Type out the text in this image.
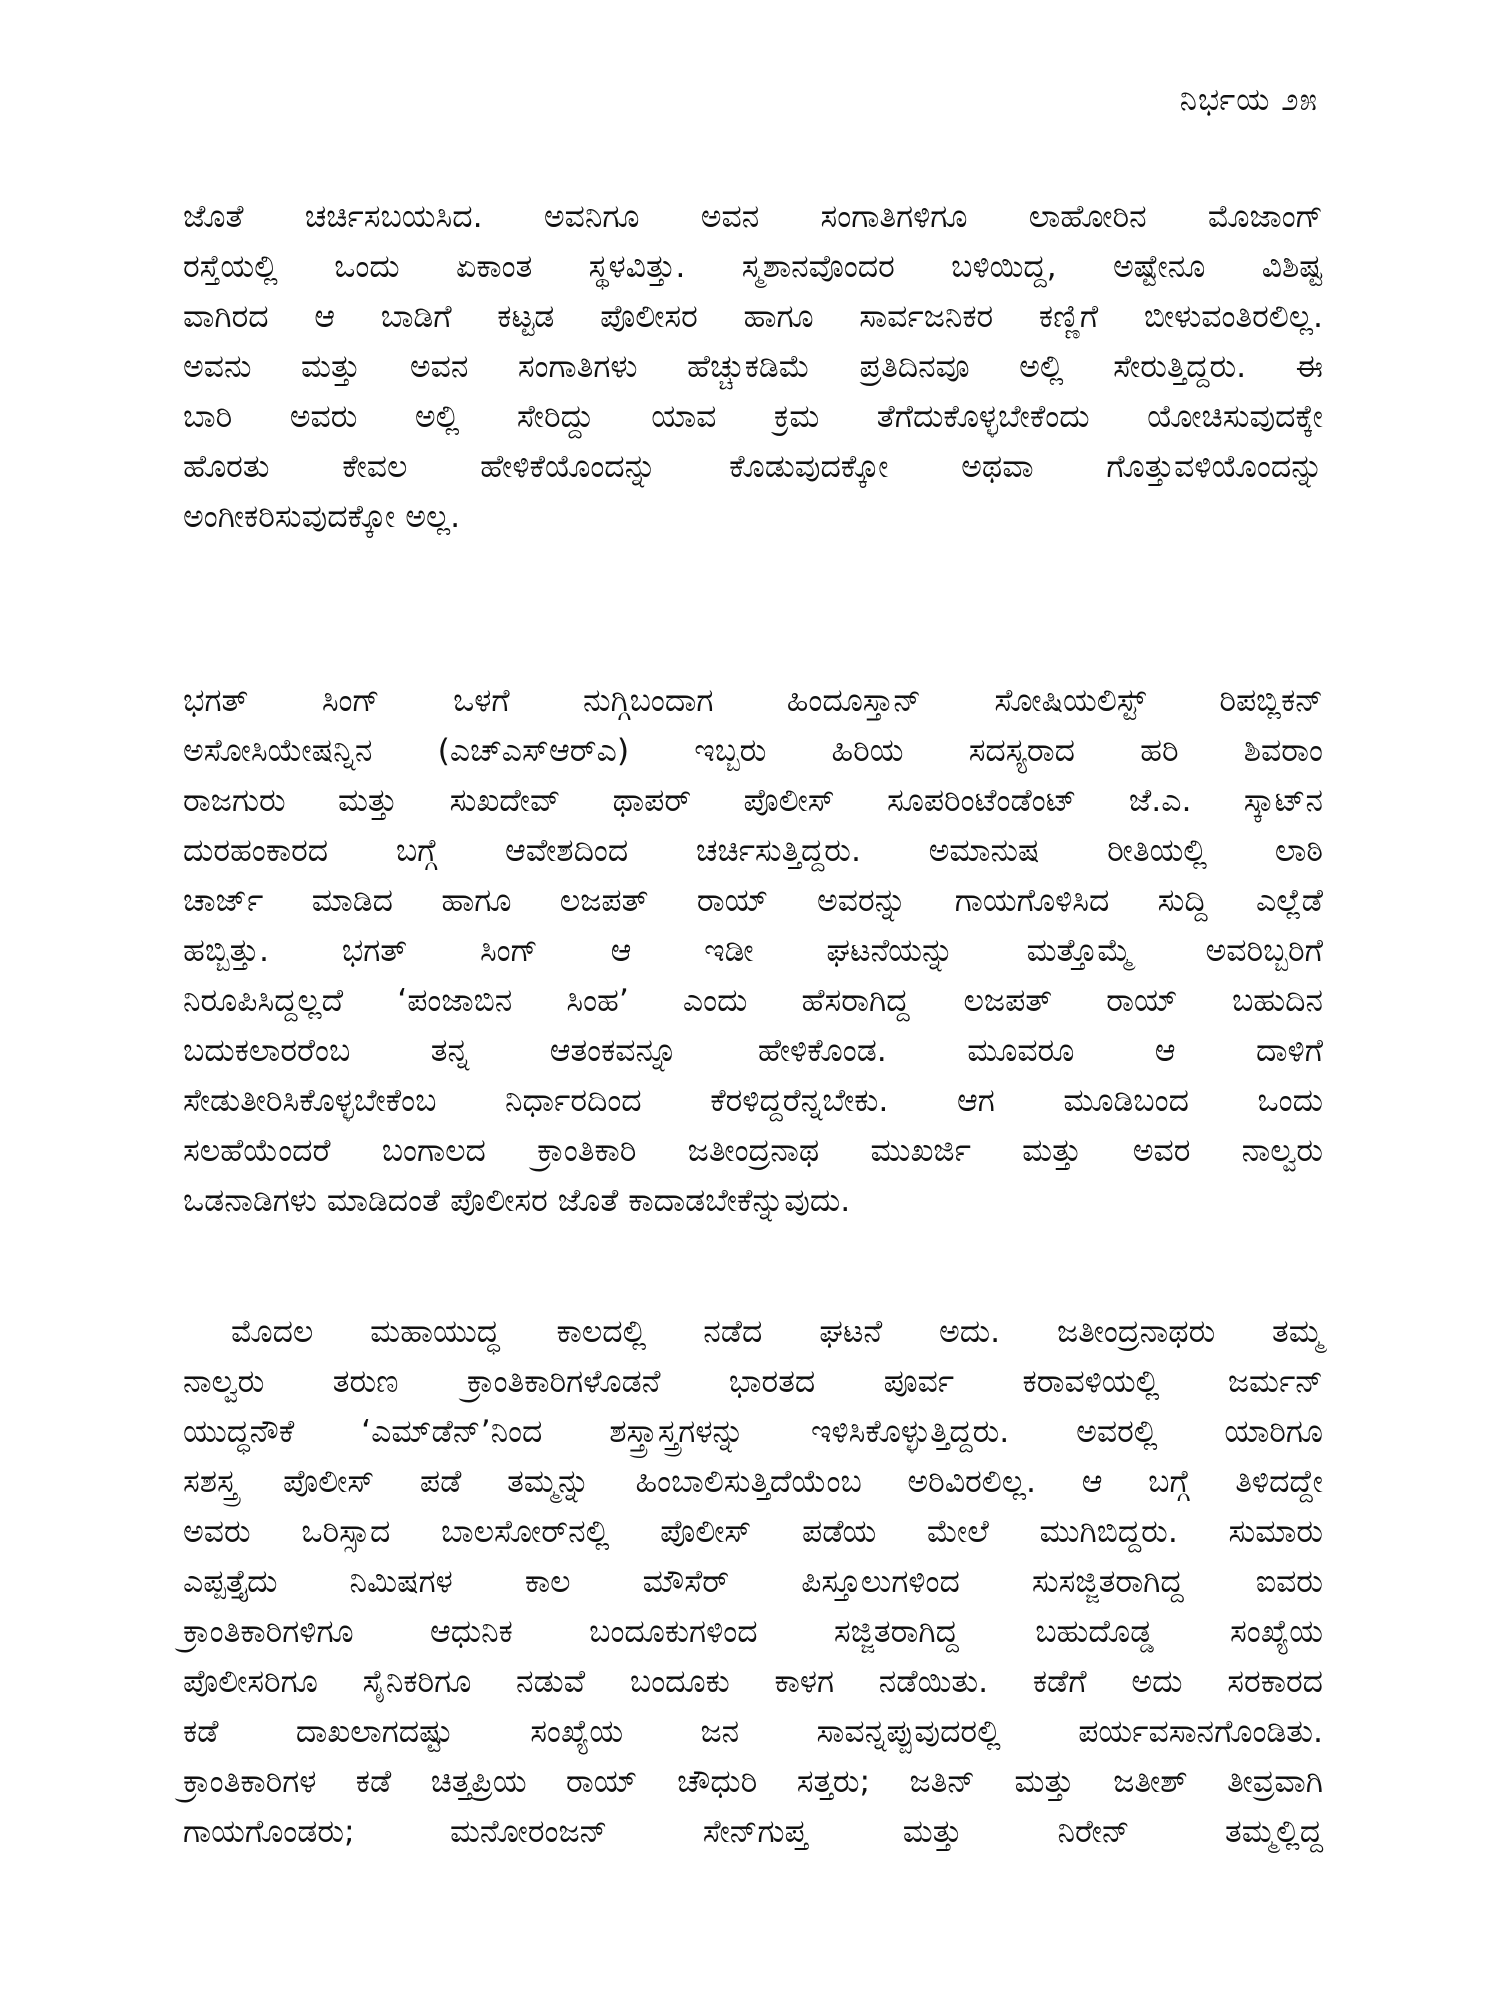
ನಿರ್ಭಯ ೨೫
ಜೊತೆ ಚರ್ಚಿಸಬಯಸಿದ. ಅವನಿಗೂ ಅವನ ಸಂಗಾತಿಗಳಿಗೂ ಲಾಹೋರಿನ ಮೊಜಾಂಗ್
ರಸ್ತೆಯಲ್ಲಿ ಒಂದು ಏಕಾಂತ ಸ್ಥಳವಿತ್ತು. ಸ್ಮಶಾನವೊಂದರ ಬಳಿಯಿದ್ದ, ಅಷ್ಟೇನೂ ವಿಶಿಷ್ಟ
ವಾಗಿರದ ಆ ಬಾಡಿಗೆ ಕಟ್ಟಡ ಪೊಲೀಸರ ಹಾಗೂ ಸಾರ್ವಜನಿಕರ ಕಣ್ಣಿಗೆ ಬೀಳುವಂತಿರಲಿಲ್ಲ.
ಅವನು ಮತ್ತು ಅವನ ಸಂಗಾತಿಗಳು ಹೆಚ್ಚುಕಡಿಮೆ ಪ್ರತಿದಿನವೂ ಅಲ್ಲಿ ಸೇರುತ್ತಿದ್ದರು. ಈ
ಬಾರಿ ಅವರು ಅಲ್ಲಿ ಸೇರಿದ್ದು ಯಾವ ಕ್ರಮ ತೆಗೆದುಕೊಳ್ಳಬೇಕೆಂದು ಯೋಚಿಸುವುದಕ್ಕೇ
ಹೊರತು ಕೇವಲ ಹೇಳಿಕೆಯೊಂದನ್ನು ಕೊಡುವುದಕ್ಕೋ ಅಥವಾ ಗೊತ್ತುವಳಿಯೊಂದನ್ನು
ಅಂಗೀಕರಿಸುವುದಕ್ಕೋ ಅಲ್ಲ.
ಭಗತ್ ಸಿಂಗ್ ಒಳಗೆ ನುಗ್ಗಿಬಂದಾಗ ಹಿಂದೂಸ್ತಾನ್ ಸೋಷಿಯಲಿಸ್ಟ್ ರಿಪಬ್ಲಿಕನ್
ಅಸೋಸಿಯೇಷನ್ನಿನ (ಎಚ್‌ಎಸ್‌ಆರ್‌ಎ) ಇಬ್ಬರು ಹಿರಿಯ ಸದಸ್ಯರಾದ ಹರಿ ಶಿವರಾಂ
ರಾಜಗುರು ಮತ್ತು ಸುಖದೇವ್ ಥಾಪರ್ ಪೊಲೀಸ್ ಸೂಪರಿಂಟೆಂಡೆಂಟ್ ಜೆ.ಎ. ಸ್ಕಾಟ್‌ನ
ದುರಹಂಕಾರದ ಬಗ್ಗೆ ಆವೇಶದಿಂದ ಚರ್ಚಿಸುತ್ತಿದ್ದರು. ಅಮಾನುಷ ರೀತಿಯಲ್ಲಿ ಲಾಠಿ
ಚಾರ್ಜ್ ಮಾಡಿದ ಹಾಗೂ ಲಜಪತ್ ರಾಯ್ ಅವರನ್ನು ಗಾಯಗೊಳಿಸಿದ ಸುದ್ದಿ ಎಲ್ಲೆಡೆ
ಹಬ್ಬಿತ್ತು. ಭಗತ್ ಸಿಂಗ್ ಆ ಇಡೀ ಘಟನೆಯನ್ನು ಮತ್ತೊಮ್ಮೆ ಅವರಿಬ್ಬರಿಗೆ
ನಿರೂಪಿಸಿದ್ದಲ್ಲದೆ ‘ಪಂಜಾಬಿನ ಸಿಂಹ’ ಎಂದು ಹೆಸರಾಗಿದ್ದ ಲಜಪತ್ ರಾಯ್ ಬಹುದಿನ
ಬದುಕಲಾರರೆಂಬ ತನ್ನ ಆತಂಕವನ್ನೂ ಹೇಳಿಕೊಂಡ. ಮೂವರೂ ಆ ದಾಳಿಗೆ
ಸೇಡುತೀರಿಸಿಕೊಳ್ಳಬೇಕೆಂಬ ನಿರ್ಧಾರದಿಂದ ಕೆರಳಿದ್ದರೆನ್ನಬೇಕು. ಆಗ ಮೂಡಿಬಂದ ಒಂದು
ಸಲಹೆಯೆಂದರೆ ಬಂಗಾಲದ ಕ್ರಾಂತಿಕಾರಿ ಜತೀಂದ್ರನಾಥ ಮುಖರ್ಜಿ ಮತ್ತು ಅವರ ನಾಲ್ವರು
ಒಡನಾಡಿಗಳು ಮಾಡಿದಂತೆ ಪೊಲೀಸರ ಜೊತೆ ಕಾದಾಡಬೇಕೆನ್ನುವುದು.
ಮೊದಲ ಮಹಾಯುದ್ಧ ಕಾಲದಲ್ಲಿ ನಡೆದ ಘಟನೆ ಅದು. ಜತೀಂದ್ರನಾಥರು ತಮ್ಮ
ನಾಲ್ವರು ತರುಣ ಕ್ರಾಂತಿಕಾರಿಗಳೊಡನೆ ಭಾರತದ ಪೂರ್ವ ಕರಾವಳಿಯಲ್ಲಿ ಜರ್ಮನ್
ಯುದ್ಧನೌಕೆ ‘ಎಮ್‌ಡೆನ್’ನಿಂದ ಶಸ್ತ್ರಾಸ್ತ್ರಗಳನ್ನು ಇಳಿಸಿಕೊಳ್ಳುತ್ತಿದ್ದರು. ಅವರಲ್ಲಿ ಯಾರಿಗೂ
ಸಶಸ್ತ್ರ ಪೊಲೀಸ್ ಪಡೆ ತಮ್ಮನ್ನು ಹಿಂಬಾಲಿಸುತ್ತಿದೆಯೆಂಬ ಅರಿವಿರಲಿಲ್ಲ. ಆ ಬಗ್ಗೆ ತಿಳಿದದ್ದೇ
ಅವರು ಒರಿಸ್ಸಾದ ಬಾಲಸೋರ್‌ನಲ್ಲಿ ಪೊಲೀಸ್ ಪಡೆಯ ಮೇಲೆ ಮುಗಿಬಿದ್ದರು. ಸುಮಾರು
ಎಪ್ಪತ್ತೈದು ನಿಮಿಷಗಳ ಕಾಲ ಮೌಸೆರ್ ಪಿಸ್ತೂಲುಗಳಿಂದ ಸುಸಜ್ಜಿತರಾಗಿದ್ದ ಐವರು
ಕ್ರಾಂತಿಕಾರಿಗಳಿಗೂ ಆಧುನಿಕ ಬಂದೂಕುಗಳಿಂದ ಸಜ್ಜಿತರಾಗಿದ್ದ ಬಹುದೊಡ್ಡ ಸಂಖ್ಯೆಯ
ಪೊಲೀಸರಿಗೂ ಸೈನಿಕರಿಗೂ ನಡುವೆ ಬಂದೂಕು ಕಾಳಗ ನಡೆಯಿತು. ಕಡೆಗೆ ಅದು ಸರಕಾರದ
ಕಡೆ ದಾಖಲಾಗದಷ್ಟು ಸಂಖ್ಯೆಯ ಜನ ಸಾವನ್ನಪ್ಪುವುದರಲ್ಲಿ ಪರ್ಯವಸಾನಗೊಂಡಿತು.
ಕ್ರಾಂತಿಕಾರಿಗಳ ಕಡೆ ಚಿತ್ತಪ್ರಿಯ ರಾಯ್ ಚೌಧುರಿ ಸತ್ತರು; ಜತಿನ್ ಮತ್ತು ಜತೀಶ್ ತೀವ್ರವಾಗಿ
ಗಾಯಗೊಂಡರು; ಮನೋರಂಜನ್ ಸೇನ್‌ಗುಪ್ತ ಮತ್ತು ನಿರೇನ್ ತಮ್ಮಲ್ಲಿದ್ದ
